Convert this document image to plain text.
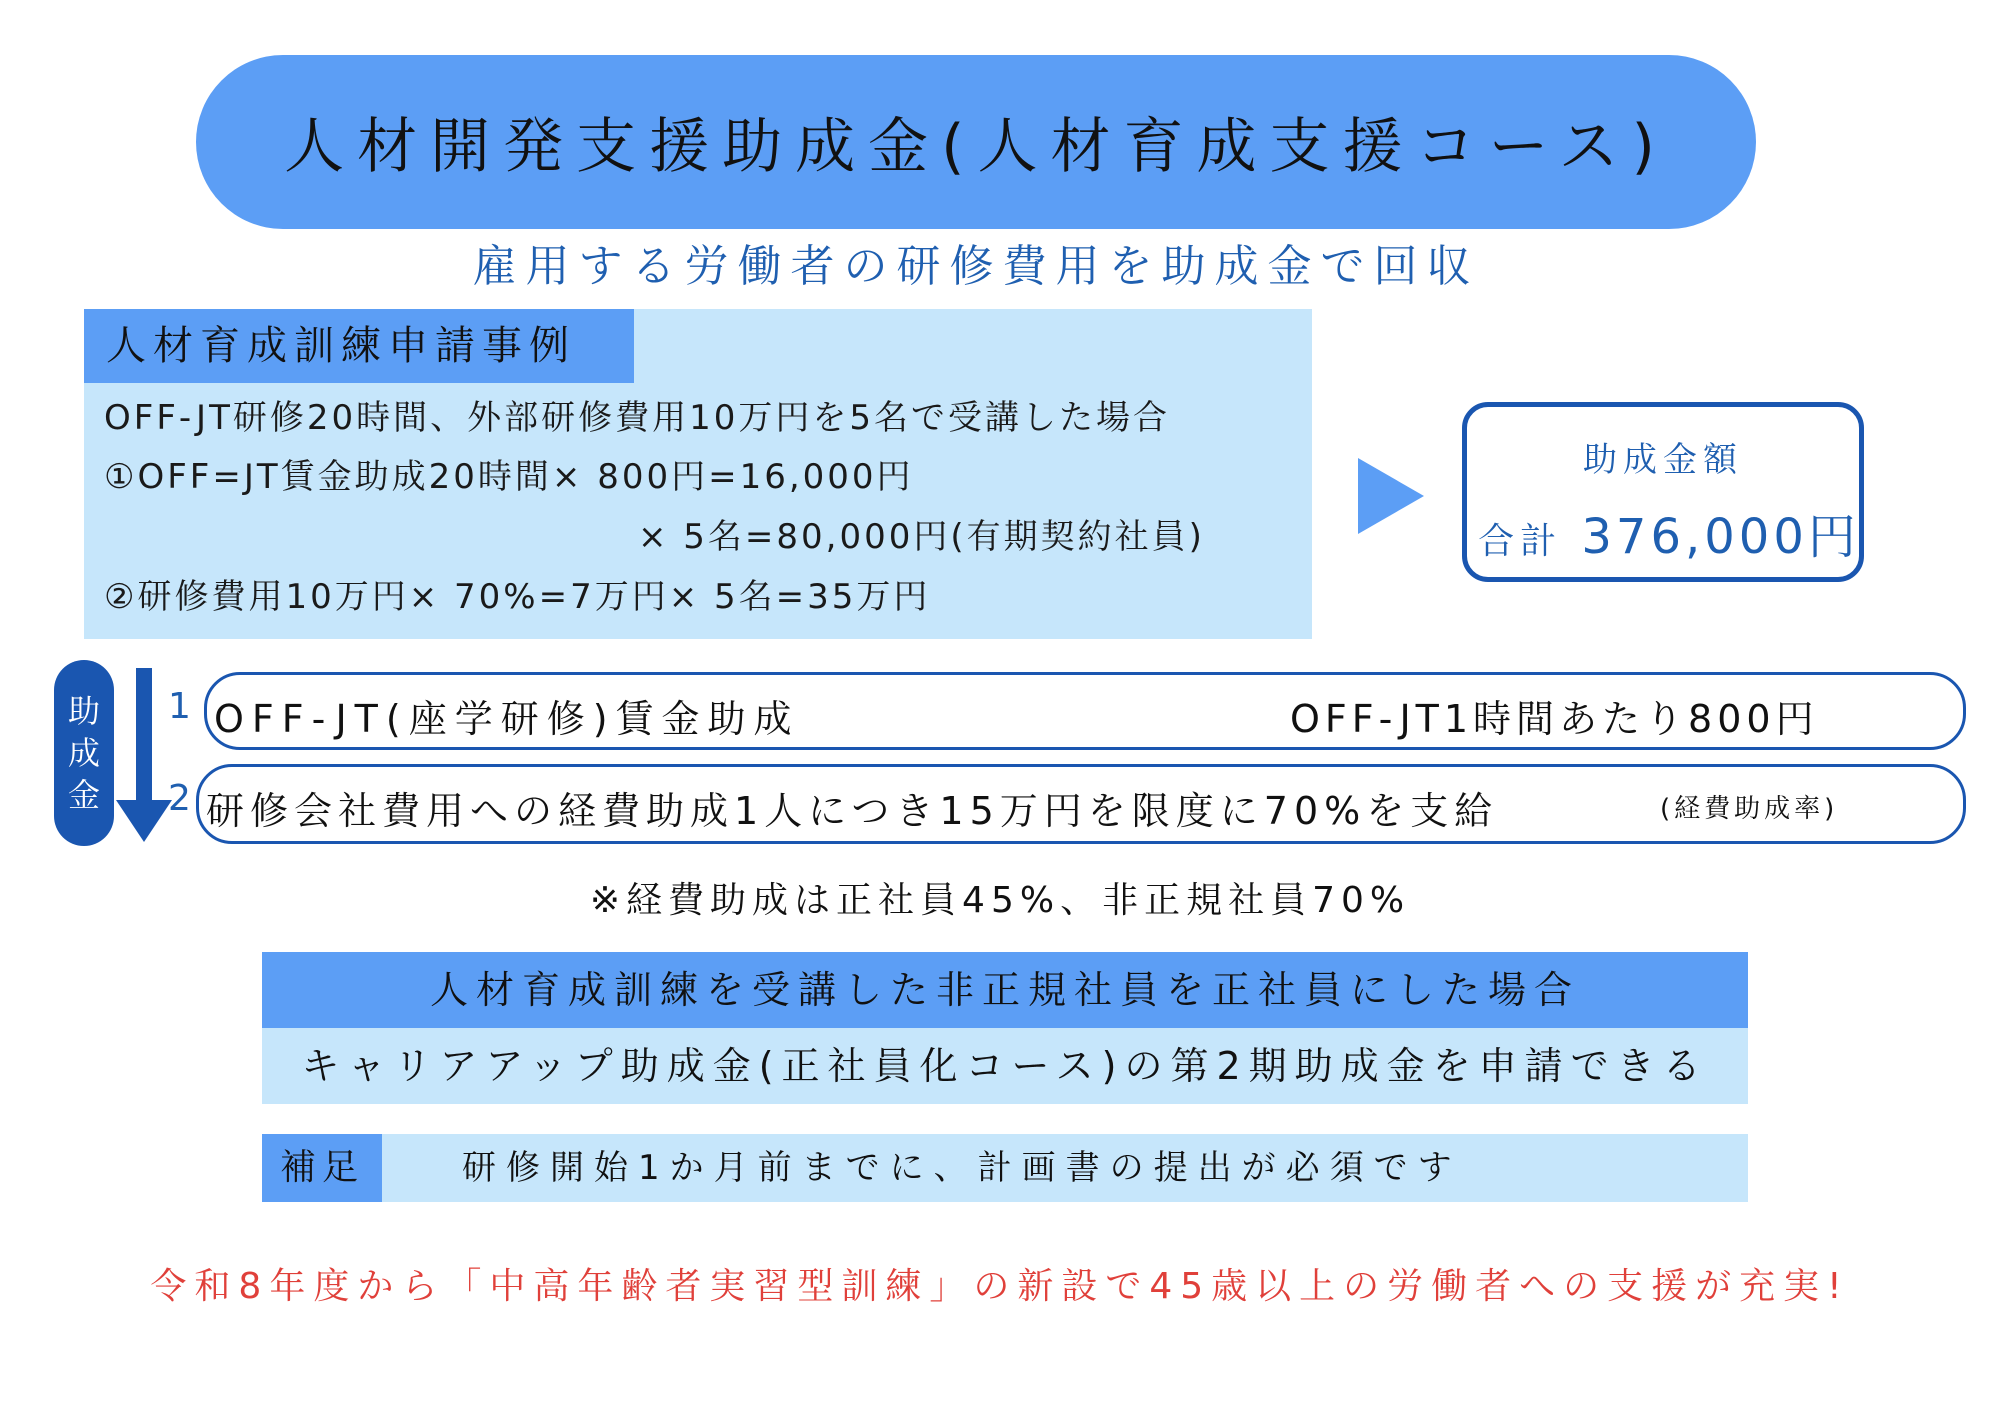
人材開発支援助成金(人材育成支援コース)
雇用する労働者の研修費用を助成金で回収
人材育成訓練申請事例
OFF-JT研修20時間、外部研修費用10万円を5名で受講した場合
①OFF=JT賃金助成20時間× 800円=16,000円
× 5名=80,000円(有期契約社員)
②研修費用10万円× 70%=7万円× 5名=35万円
助成金額
合計 376,000円
助
成
金
1 OFF-JT(座学研修)賃金助成	OFF-JT1時間あたり800円
2 研修会社費用への経費助成1人につき15万円を限度に70%を支給	(経費助成率)
※経費助成は正社員45%、非正規社員70%
人材育成訓練を受講した非正規社員を正社員にした場合
キャリアアップ助成金(正社員化コース)の第2期助成金を申請できる
補足	研修開始1か月前までに、計画書の提出が必須です
令和8年度から「中高年齢者実習型訓練」の新設で45歳以上の労働者への支援が充実!
